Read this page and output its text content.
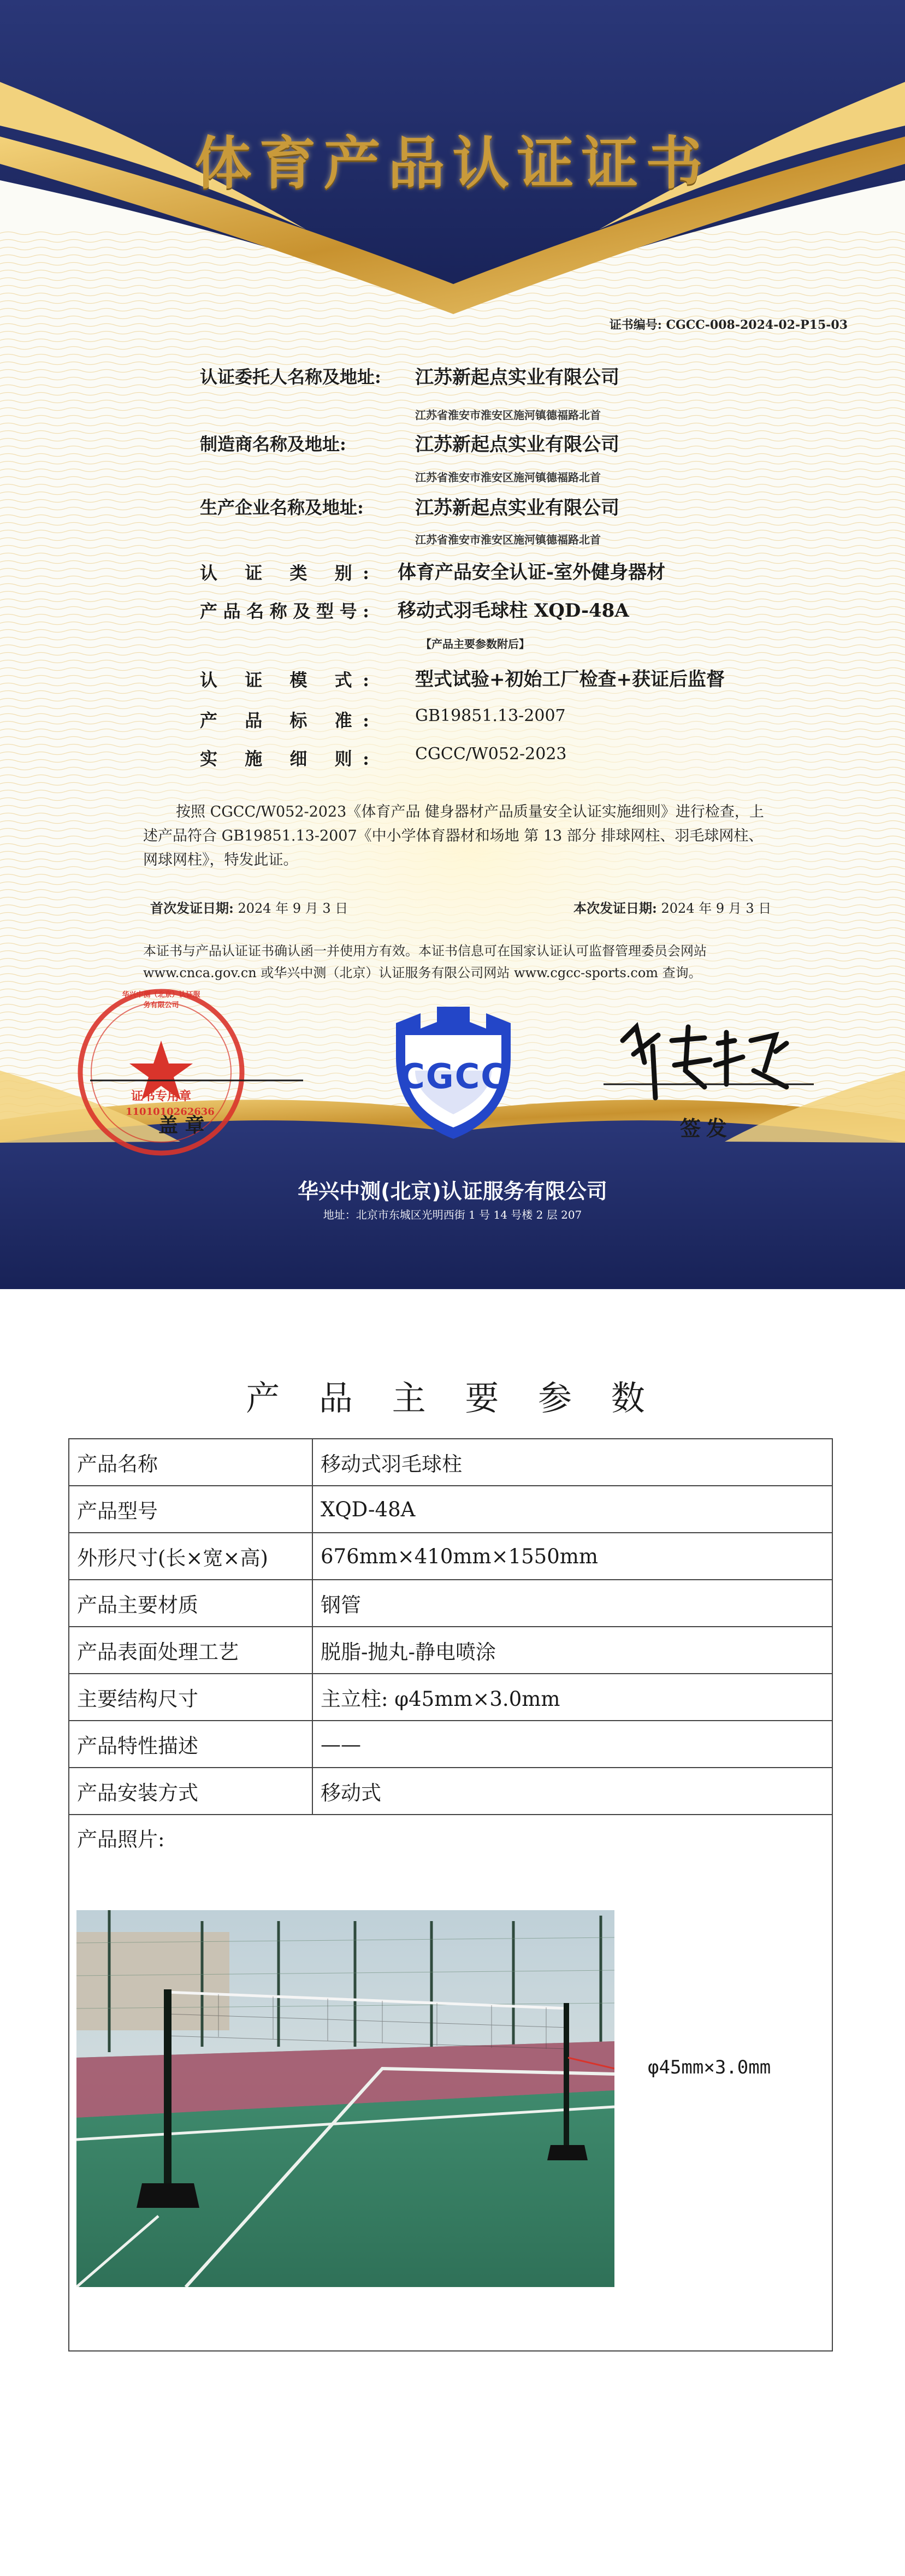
体育产品认证证书
证书编号: CGCC-008-2024-02-P15-03
认证委托人名称及地址:	江苏新起点实业有限公司
江苏省淮安市淮安区施河镇德福路北首
制造商名称及地址:	江苏新起点实业有限公司
江苏省淮安市淮安区施河镇德福路北首
生产企业名称及地址:	江苏新起点实业有限公司
江苏省淮安市淮安区施河镇德福路北首
认 证 类 别: 体育产品安全认证-室外健身器材
产品名称及型号: 移动式羽毛球柱 XQD-48A
【产品主要参数附后】
认 证 模 式: 型式试验+初始工厂检查+获证后监督
产 品 标 准:	GB19851.13-2007
实 施 细 则:	CGCC/W052-2023
按照 CGCC/W052-2023《体育产品 健身器材产品质量安全认证实施细则》进行检查，上述产品符合 GB19851.13-2007《中小学体育器材和场地 第 13 部分 排球网柱、羽毛球网柱、网球网柱》，特发此证。
首次发证日期: 2024 年 9 月 3 日	本次发证日期: 2024 年 9 月 3 日
本证书与产品认证证书确认函一并使用方有效。本证书信息可在国家认证认可监督管理委员会网站 www.cnca.gov.cn 或华兴中测（北京）认证服务有限公司网站 www.cgcc-sports.com 查询。
盖 章
1101010262636
华兴中测（北京）认证服务有限公司
证书专用章	CGCC
签发
华兴中测(北京)认证服务有限公司
地址：北京市东城区光明西街 1 号 14 号楼 2 层 207
产 品 主 要 参 数
产品名称	移动式羽毛球柱
产品型号	XQD-48A
外形尺寸(长×宽×高)	676mm×410mm×1550mm
产品主要材质	钢管
产品表面处理工艺	脱脂-抛丸-静电喷涂
主要结构尺寸	主立柱: φ45mm×3.0mm
产品特性描述	——
产品安装方式	移动式
产品照片:	
φ45mm×3.0mm
